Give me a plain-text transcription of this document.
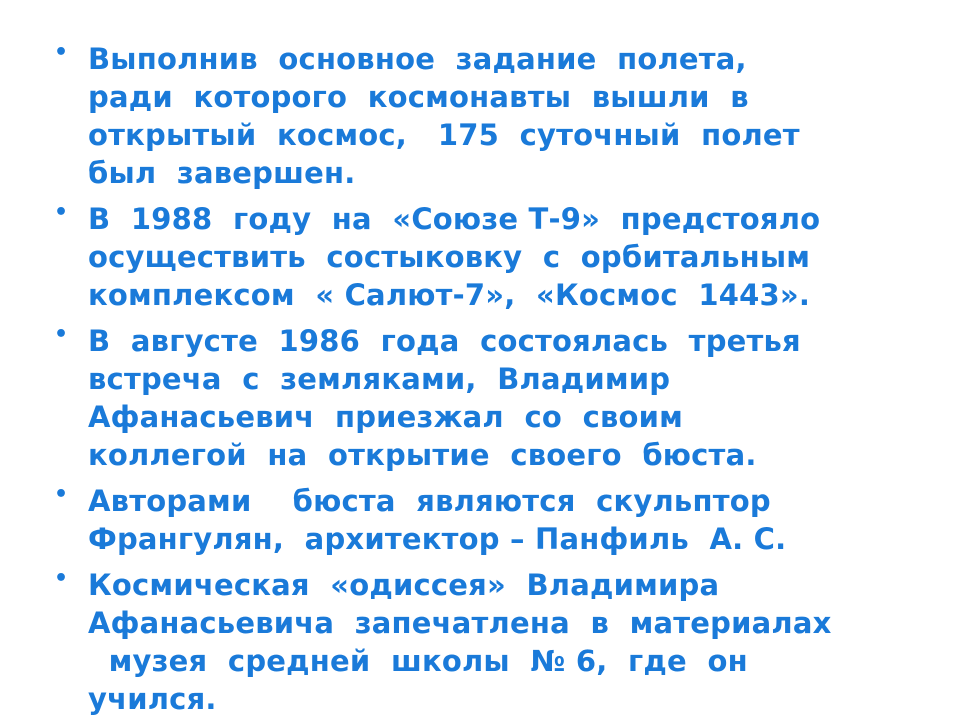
• Выполнив  основное  задание  полета,
ради  которого  космонавты  вышли  в
открытый  космос,   175  суточный  полет
был  завершен.
• В  1988  году  на  «Союзе Т-9»  предстояло
осуществить  состыковку  с  орбитальным
комплексом  « Салют-7»,  «Космос  1443».
• В  августе  1986  года  состоялась  третья
встреча  с  земляками,  Владимир
Афанасьевич  приезжал  со  своим
коллегой  на  открытие  своего  бюста.
• Авторами    бюста  являются  скульптор
Франгулян,  архитектор – Панфиль  А. С.
• Космическая  «одиссея»  Владимира
Афанасьевича  запечатлена  в  материалах
музея  средней  школы  № 6,  где  он
учился.
